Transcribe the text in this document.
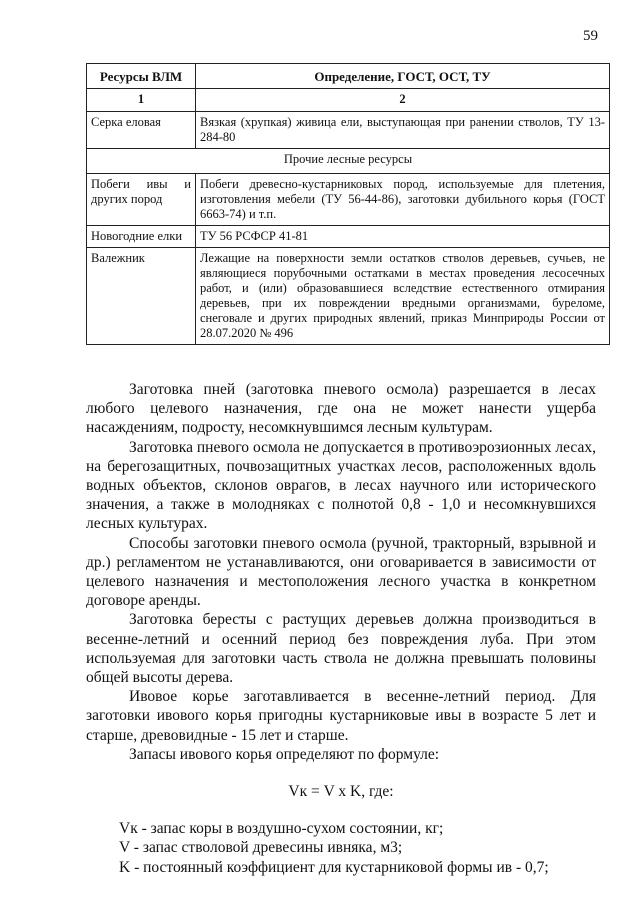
59
Ресурсы ВЛМ	Определение, ГОСТ, ОСТ, ТУ
1	2
Серка еловая	Вязкая (хрупкая) живица ели, выступающая при ранении стволов, ТУ 13-284-80
Прочие лесные ресурсы	
Побеги ивы и других пород	Побеги древесно-кустарниковых пород, используемые для плетения, изготовления мебели (ТУ 56-44-86), заготовки дубильного корья (ГОСТ 6663-74) и т.п.
Новогодние елки	ТУ 56 РСФСР 41-81
Валежник	Лежащие на поверхности земли остатков стволов деревьев, сучьев, не являющиеся порубочными остатками в местах проведения лесосечных работ, и (или) образовавшиеся вследствие естественного отмирания деревьев, при их повреждении вредными организмами, буреломе, снеговале и других природных явлений, приказ Минприроды России от 28.07.2020 № 496

Заготовка пней (заготовка пневого осмола) разрешается в лесах любого целевого назначения, где она не может нанести ущерба насаждениям, подросту, несомкнувшимся лесным культурам.

Заготовка пневого осмола не допускается в противоэрозионных лесах, на берегозащитных, почвозащитных участках лесов, расположенных вдоль водных объектов, склонов оврагов, в лесах научного или исторического значения, а также в молодняках с полнотой 0,8 - 1,0 и несомкнувшихся лесных культурах.

Способы заготовки пневого осмола (ручной, тракторный, взрывной и др.) регламентом не устанавливаются, они оговаривается в зависимости от целевого назначения и местоположения лесного участка в конкретном договоре аренды.

Заготовка бересты с растущих деревьев должна производиться в весенне-летний и осенний период без повреждения луба. При этом используемая для заготовки часть ствола не должна превышать половины общей высоты дерева.

Ивовое корье заготавливается в весенне-летний период. Для заготовки ивового корья пригодны кустарниковые ивы в возрасте 5 лет и старше, древовидные - 15 лет и старше.

Запасы ивового корья определяют по формуле:

Vк = V x K, где:

Vк - запас коры в воздушно-сухом состоянии, кг;

V - запас стволовой древесины ивняка, м3;

K - постоянный коэффициент для кустарниковой формы ив - 0,7;
